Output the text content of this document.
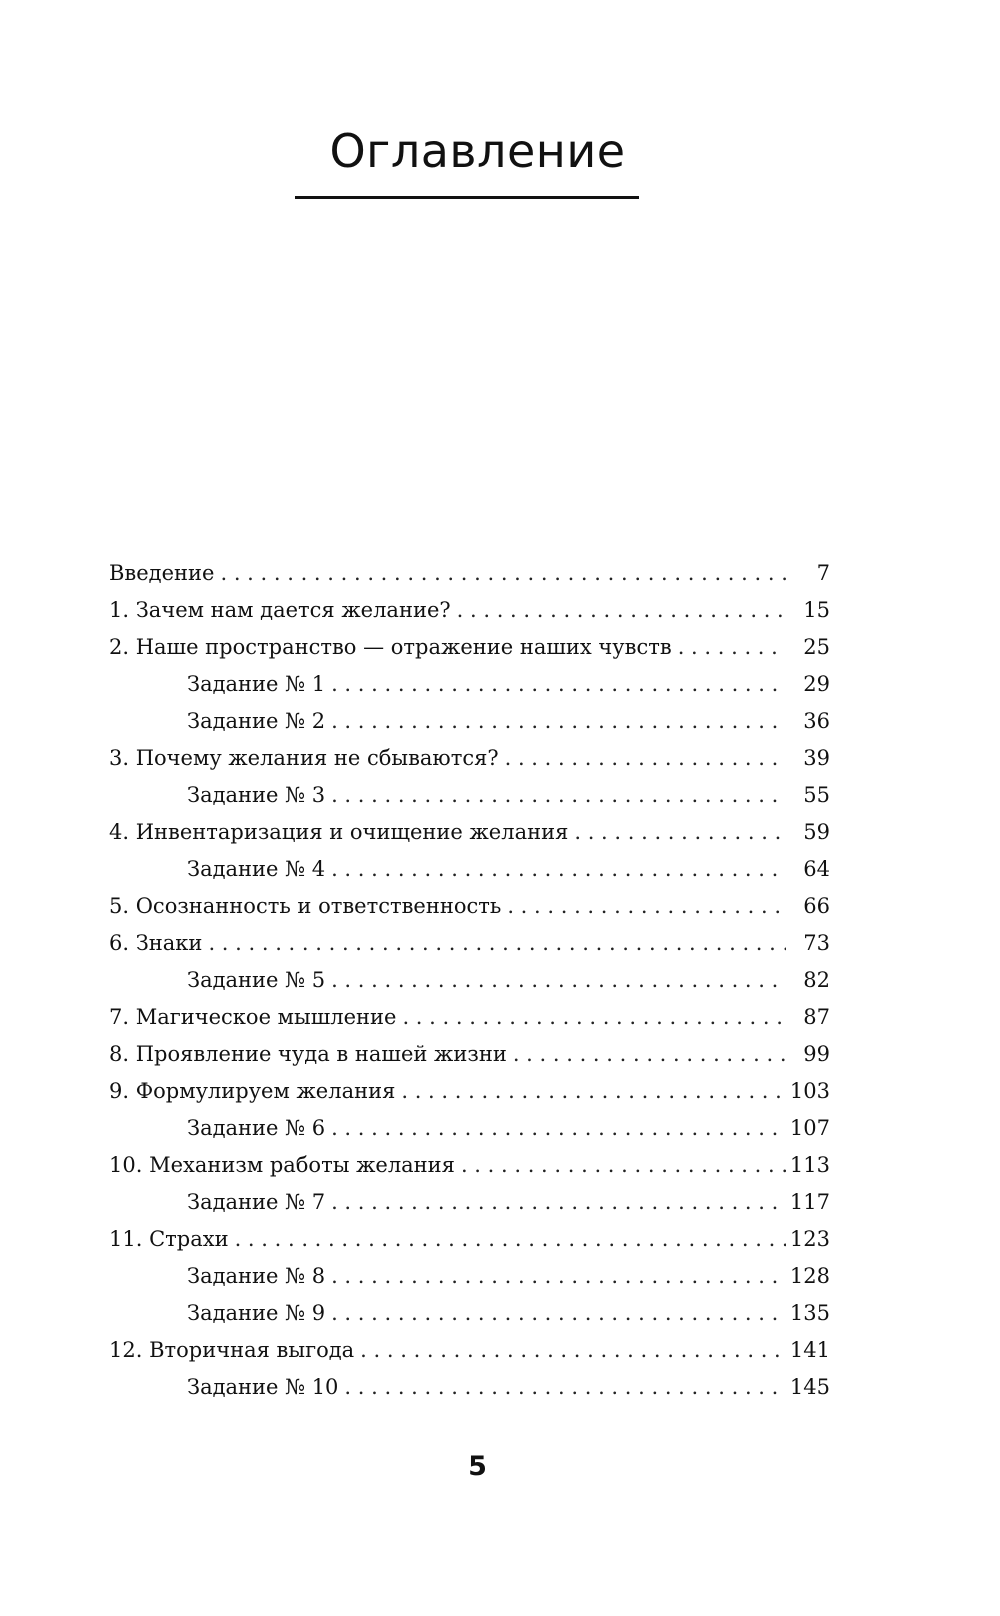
Оглавление
Введение . . .	7
1. Зачем нам дается желание? . . .	15
2. Наше пространство — отражение наших чувств . . .	25
Задание № 1 . . .	29
Задание № 2 . . .	36
3. Почему желания не сбываются? . . .	39
Задание № 3 . . .	55
4. Инвентаризация и очищение желания . . .	59
Задание № 4 . . .	64
5. Осознанность и ответственность . . .	66
6. Знаки . . .	73
Задание № 5 . . .	82
7. Магическое мышление . . .	87
8. Проявление чуда в нашей жизни . . .	99
9. Формулируем желания . . .	103
Задание № 6 . . .	107
10. Механизм работы желания . . .	113
Задание № 7 . . .	117
11. Страхи . . .	123
Задание № 8 . . .	128
Задание № 9 . . .	135
12. Вторичная выгода . . .	141
Задание № 10 . . .	145
5
